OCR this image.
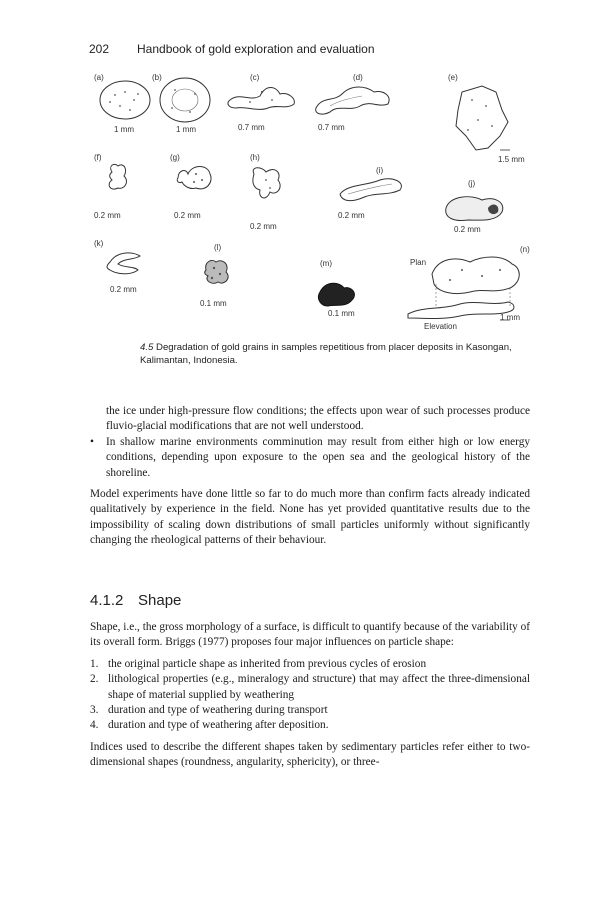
202 Handbook of gold exploration and evaluation
(a)
1 mm
(b)
1 mm
(c)
0.7 mm
(d)
0.7 mm
(e)
1.5 mm
(f)
0.2 mm
(g)
0.2 mm
(h)
0.2 mm
(i)
0.2 mm
(j)
0.2 mm
(k)
0.2 mm
(l)
0.1 mm
(m)
0.1 mm
Plan
(n)
1 mm
Elevation
4.5 Degradation of gold grains in samples repetitious from placer deposits in Kasongan, Kalimantan, Indonesia.
the ice under high-pressure flow conditions; the effects upon wear of such processes produce fluvio-glacial modifications that are not well understood.
• In shallow marine environments comminution may result from either high or low energy conditions, depending upon exposure to the open sea and the geological history of the shoreline.
Model experiments have done little so far to do much more than confirm facts already indicated qualitatively by experience in the field. None has yet provided quantitative results due to the impossibility of scaling down distributions of small particles uniformly without significantly changing the rheological patterns of their behaviour.
4.1.2 Shape
Shape, i.e., the gross morphology of a surface, is difficult to quantify because of the variability of its overall form. Briggs (1977) proposes four major influences on particle shape:
1. the original particle shape as inherited from previous cycles of erosion
2. lithological properties (e.g., mineralogy and structure) that may affect the three-dimensional shape of material supplied by weathering
3. duration and type of weathering during transport
4. duration and type of weathering after deposition.
Indices used to describe the different shapes taken by sedimentary particles refer either to two-dimensional shapes (roundness, angularity, sphericity), or three-
